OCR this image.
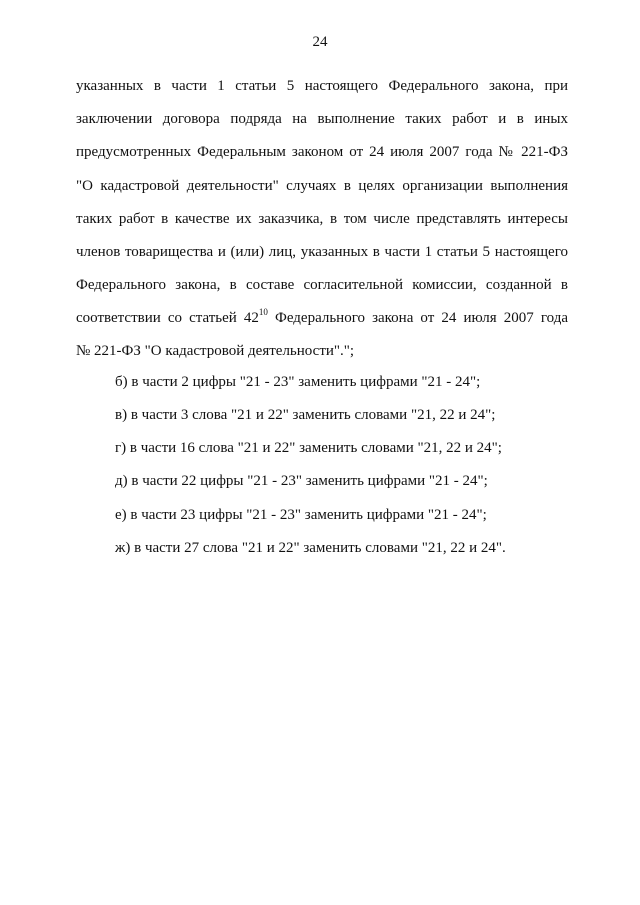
24
указанных в части 1 статьи 5 настоящего Федерального закона, при
заключении договора подряда на выполнение таких работ и в иных
предусмотренных Федеральным законом от 24 июля 2007 года № 221-ФЗ
"О кадастровой деятельности" случаях в целях организации выполнения
таких работ в качестве их заказчика, в том числе представлять интересы
членов товарищества и (или) лиц, указанных в части 1 статьи 5 настоящего
Федерального закона, в составе согласительной комиссии, созданной в
соответствии со статьей $42^{10}$ Федерального закона от 24 июля 2007 года
№ 221-ФЗ "О кадастровой деятельности".";
б) в части 2 цифры "21 - 23" заменить цифрами "21 - 24";
в) в части 3 слова "21 и 22" заменить словами "21, 22 и 24";
г) в части 16 слова "21 и 22" заменить словами "21, 22 и 24";
д) в части 22 цифры "21 - 23" заменить цифрами "21 - 24";
е) в части 23 цифры "21 - 23" заменить цифрами "21 - 24";
ж) в части 27 слова "21 и 22" заменить словами "21, 22 и 24".
